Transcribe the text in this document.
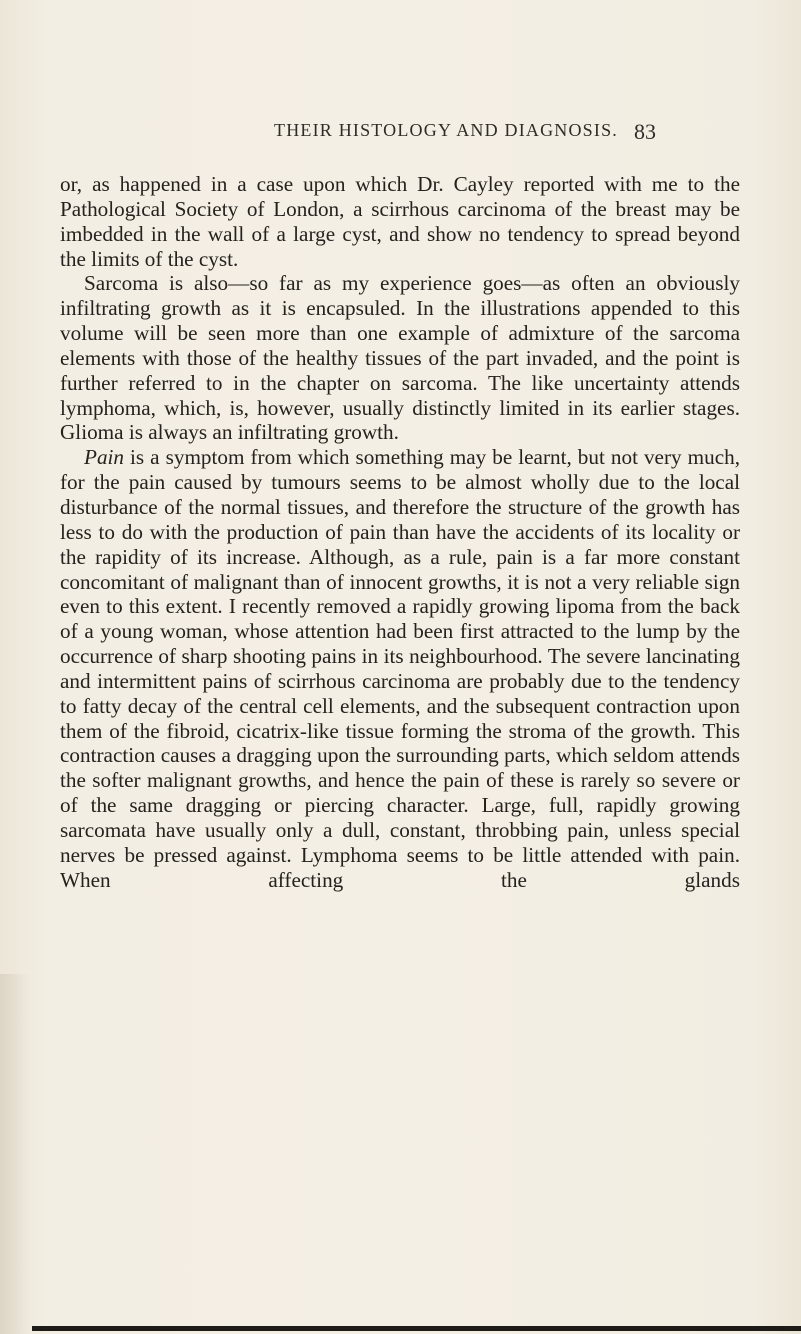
THEIR HISTOLOGY AND DIAGNOSIS. 83

or, as happened in a case upon which Dr. Cayley reported with me to the Pathological Society of London, a scirrhous carcinoma of the breast may be imbedded in the wall of a large cyst, and show no tendency to spread beyond the limits of the cyst.

Sarcoma is also—so far as my experience goes—as often an obviously infiltrating growth as it is encapsuled. In the illustrations appended to this volume will be seen more than one example of admixture of the sarcoma elements with those of the healthy tissues of the part invaded, and the point is further referred to in the chapter on sarcoma. The like uncertainty attends lymphoma, which, is, however, usually distinctly limited in its earlier stages. Glioma is always an infiltrating growth.

Pain is a symptom from which something may be learnt, but not very much, for the pain caused by tumours seems to be almost wholly due to the local disturbance of the normal tissues, and therefore the structure of the growth has less to do with the production of pain than have the accidents of its locality or the rapidity of its increase. Although, as a rule, pain is a far more constant concomitant of malignant than of innocent growths, it is not a very reliable sign even to this extent. I recently removed a rapidly growing lipoma from the back of a young woman, whose attention had been first attracted to the lump by the occurrence of sharp shooting pains in its neighbourhood. The severe lancinating and intermittent pains of scirrhous carcinoma are probably due to the tendency to fatty decay of the central cell elements, and the subsequent contraction upon them of the fibroid, cicatrix-like tissue forming the stroma of the growth. This contraction causes a dragging upon the surrounding parts, which seldom attends the softer malignant growths, and hence the pain of these is rarely so severe or of the same dragging or piercing character. Large, full, rapidly growing sarcomata have usually only a dull, constant, throbbing pain, unless special nerves be pressed against. Lymphoma seems to be little attended with pain. When affecting the glands
